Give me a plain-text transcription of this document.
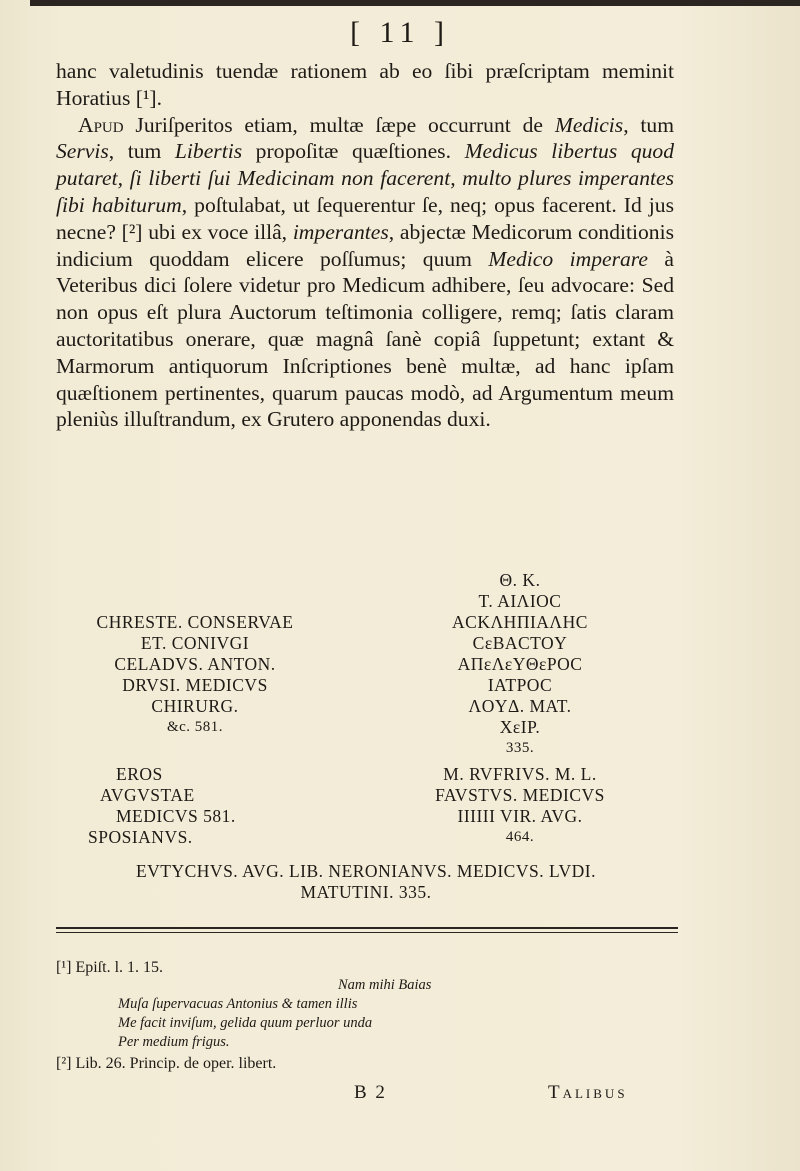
[ 11 ]

hanc valetudinis tuendæ rationem ab eo ſibi præſcriptam meminit Horatius [¹].

Apud Juriſperitos etiam, multæ ſæpe occurrunt de Medicis, tum Servis, tum Libertis propoſitæ quæſtiones. Medicus libertus quod putaret, ſi liberti ſui Medicinam non facerent, multo plures imperantes ſibi habiturum, poſtulabat, ut ſequerentur ſe, neq; opus facerent. Id jus necne? [²] ubi ex voce illâ, imperantes, abjectæ Medicorum conditionis indicium quoddam elicere poſſumus; quum Medico imperare à Veteribus dici ſolere videtur pro Medicum adhibere, ſeu advocare: Sed non opus eſt plura Auctorum teſtimonia colligere, remq; ſatis claram auctoritatibus onerare, quæ magnâ ſanè copiâ ſuppetunt; extant & Marmorum antiquorum Inſcriptiones benè multæ, ad hanc ipſam quæſtionem pertinentes, quarum paucas modò, ad Argumentum meum pleniùs illuſtrandum, ex Grutero apponendas duxi.

CHRESTE. CONSERVAE
ET. CONIVGI
CELADVS. ANTON.
DRVSI. MEDICVS
CHIRURG.
&c. 581.
Θ. K.
T. AIΛIOC
ACKΛHΠIAΛHC
CεBACTOY
AΠεΛεYΘεPOC
IATPOC
ΛOYΔ. MAT.
XεIP.
335.
EROS
AVGVSTAE
MEDICVS 581.
SPOSIANVS.
M. RVFRIVS. M. L.
FAVSTVS. MEDICVS
IIIIII VIR. AVG.
464.
EVTYCHVS. AVG. LIB. NERONIANVS. MEDICVS. LVDI.
MATUTINI. 335.
[¹] Epiſt. l. 1. 15.
Nam mihi Baias
Muſa ſupervacuas Antonius & tamen illis
Me facit inviſum, gelida quum perluor unda
Per medium frigus.
[²] Lib. 26. Princip. de oper. libert.
B 2	Talibus
